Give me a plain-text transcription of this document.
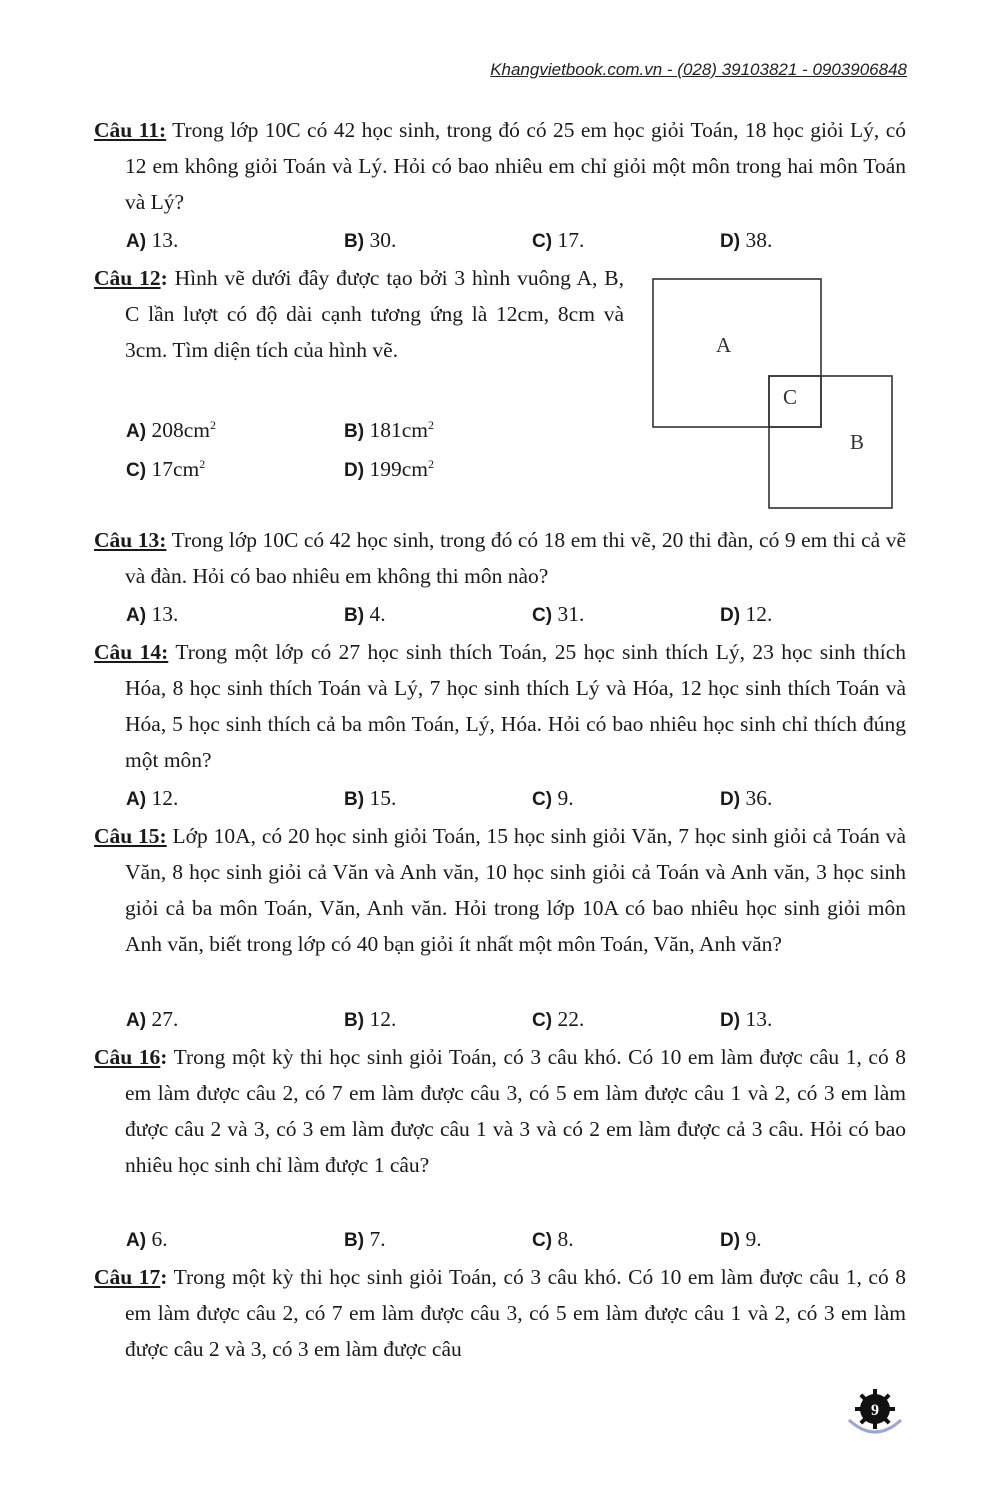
Khangvietbook.com.vn - (028) 39103821 - 0903906848

Câu 11: Trong lớp 10C có 42 học sinh, trong đó có 25 em học giỏi Toán, 18 học giỏi Lý, có 12 em không giỏi Toán và Lý. Hỏi có bao nhiêu em chỉ giỏi một môn trong hai môn Toán và Lý?

A) 13.	B) 30.	C) 17.	D) 38.

Câu 12: Hình vẽ dưới đây được tạo bởi 3 hình vuông A, B, C lần lượt có độ dài cạnh tương ứng là 12cm, 8cm và 3cm. Tìm diện tích của hình vẽ.

A) $208cm^2$	B) $181cm^2$
C) $17cm^2$	D) $199cm^2$
A
C
B

Câu 13: Trong lớp 10C có 42 học sinh, trong đó có 18 em thi vẽ, 20 thi đàn, có 9 em thi cả vẽ và đàn. Hỏi có bao nhiêu em không thi môn nào?

A) 13.	B) 4.	C) 31.	D) 12.

Câu 14: Trong một lớp có 27 học sinh thích Toán, 25 học sinh thích Lý, 23 học sinh thích Hóa, 8 học sinh thích Toán và Lý, 7 học sinh thích Lý và Hóa, 12 học sinh thích Toán và Hóa, 5 học sinh thích cả ba môn Toán, Lý, Hóa. Hỏi có bao nhiêu học sinh chỉ thích đúng một môn?

A) 12.	B) 15.	C) 9.	D) 36.

Câu 15: Lớp 10A, có 20 học sinh giỏi Toán, 15 học sinh giỏi Văn, 7 học sinh giỏi cả Toán và Văn, 8 học sinh giỏi cả Văn và Anh văn, 10 học sinh giỏi cả Toán và Anh văn, 3 học sinh giỏi cả ba môn Toán, Văn, Anh văn. Hỏi trong lớp 10A có bao nhiêu học sinh giỏi môn Anh văn, biết trong lớp có 40 bạn giỏi ít nhất một môn Toán, Văn, Anh văn?

A) 27.	B) 12.	C) 22.	D) 13.

Câu 16: Trong một kỳ thi học sinh giỏi Toán, có 3 câu khó. Có 10 em làm được câu 1, có 8 em làm được câu 2, có 7 em làm được câu 3, có 5 em làm được câu 1 và 2, có 3 em làm được câu 2 và 3, có 3 em làm được câu 1 và 3 và có 2 em làm được cả 3 câu. Hỏi có bao nhiêu học sinh chỉ làm được 1 câu?

A) 6.	B) 7.	C) 8.	D) 9.

Câu 17: Trong một kỳ thi học sinh giỏi Toán, có 3 câu khó. Có 10 em làm được câu 1, có 8 em làm được câu 2, có 7 em làm được câu 3, có 5 em làm được câu 1 và 2, có 3 em làm được câu 2 và 3, có 3 em làm được câu

9
